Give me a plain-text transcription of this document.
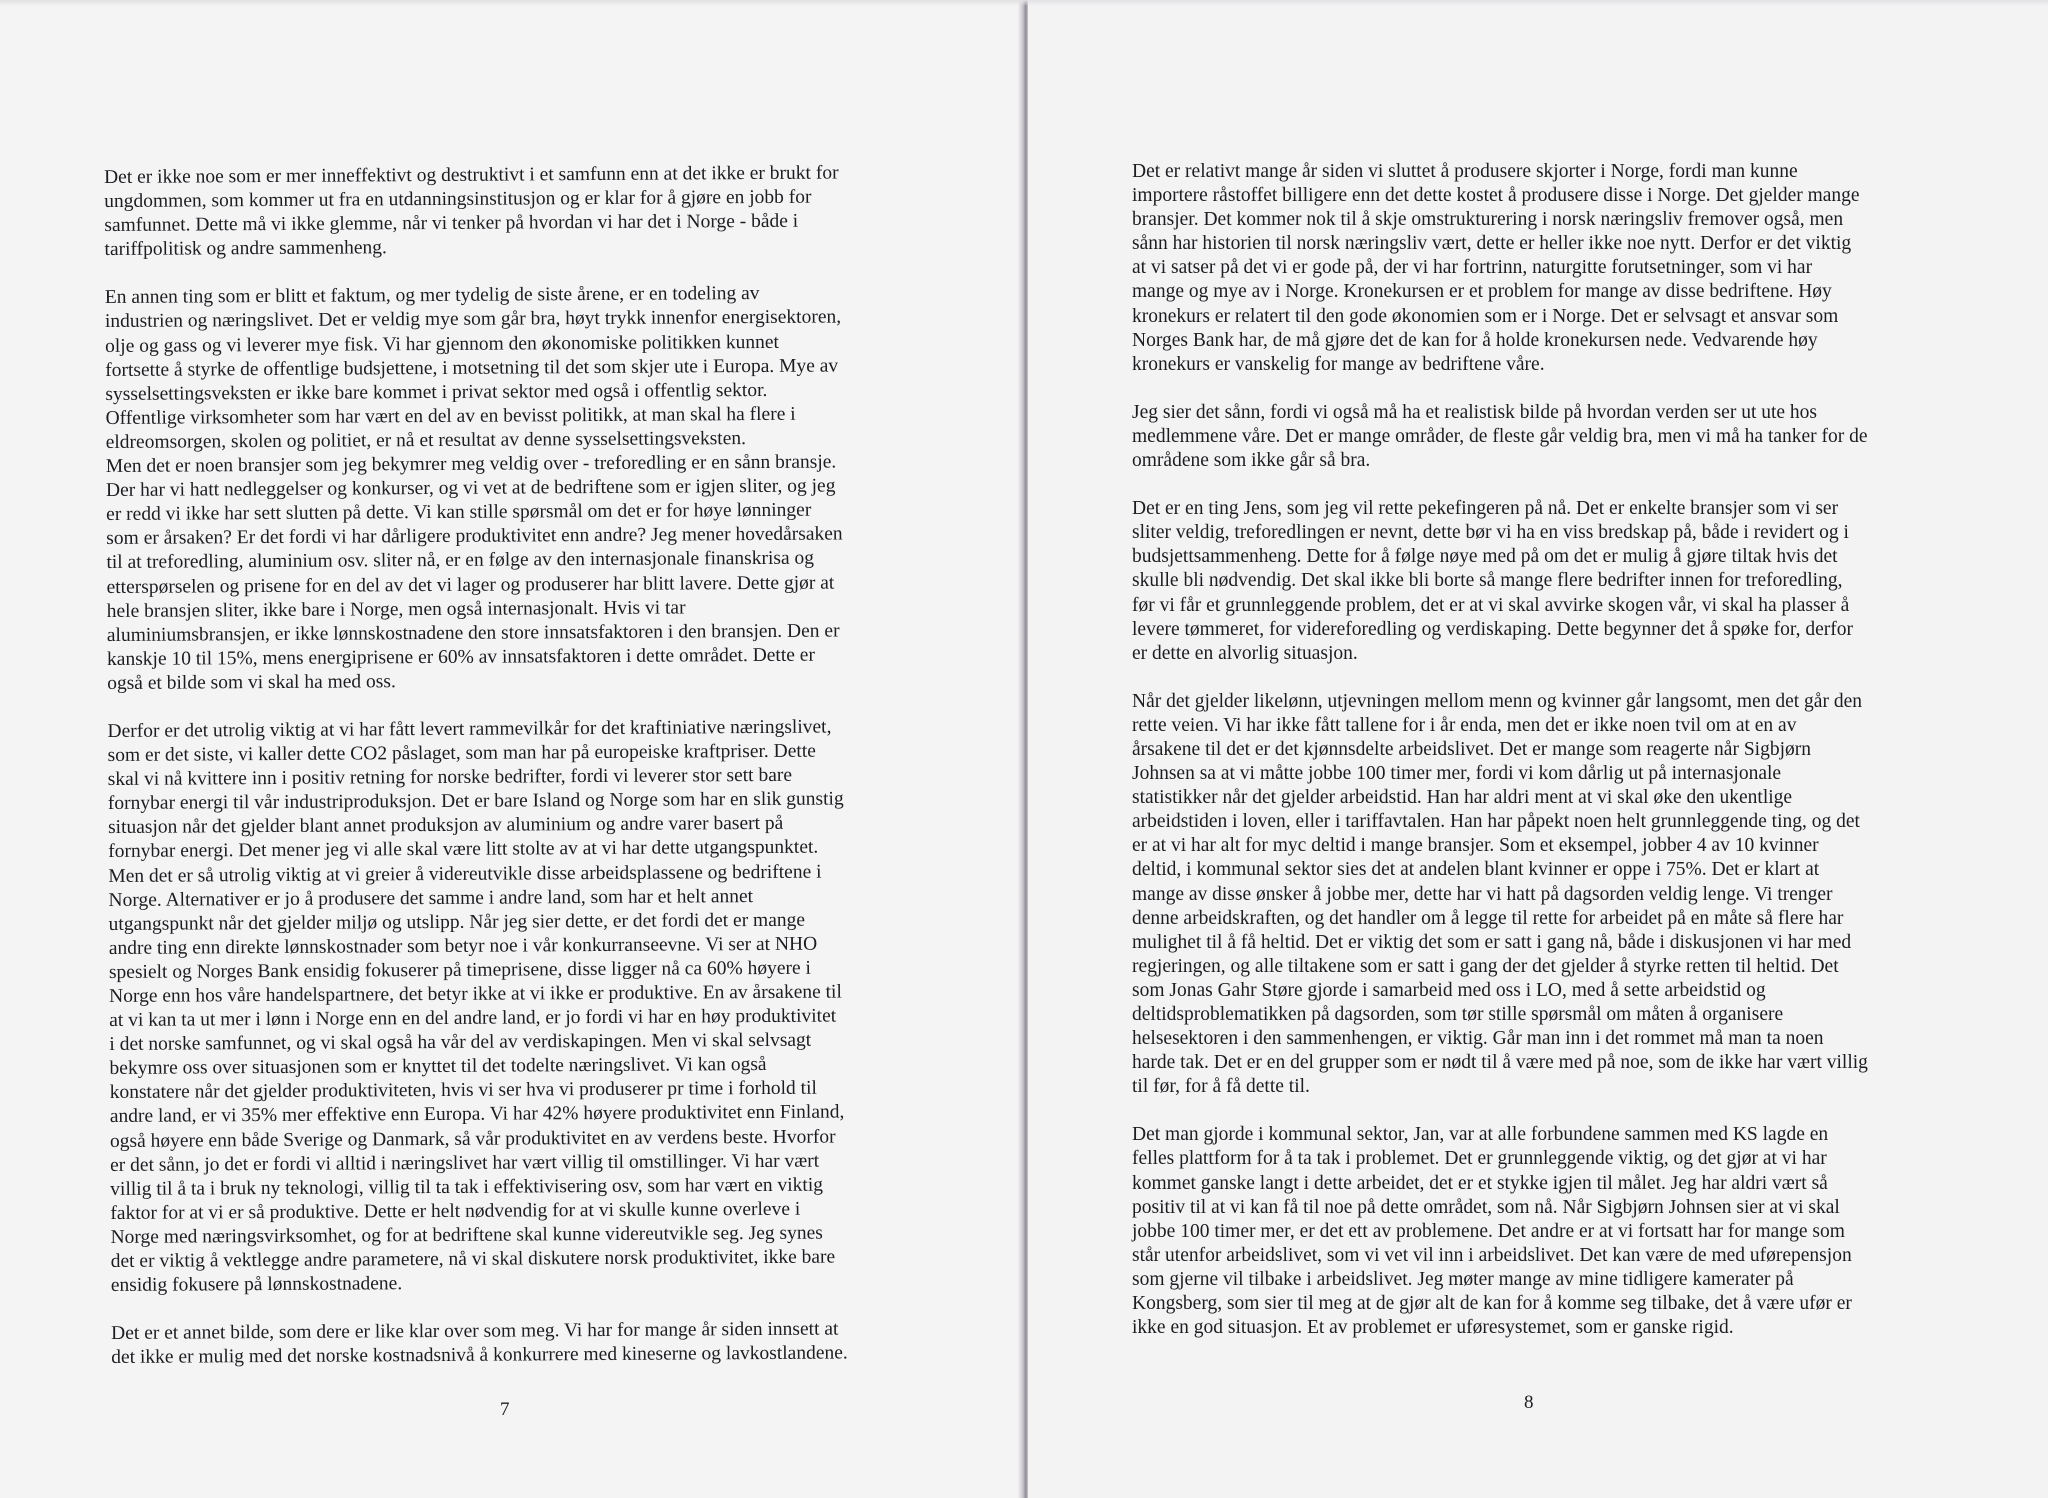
Det er ikke noe som er mer inneffektivt og destruktivt i et samfunn enn at det ikke er brukt for
ungdommen, som kommer ut fra en utdanningsinstitusjon og er klar for å gjøre en jobb for
samfunnet. Dette må vi ikke glemme, når vi tenker på hvordan vi har det i Norge - både i
tariffpolitisk og andre sammenheng.

En annen ting som er blitt et faktum, og mer tydelig de siste årene, er en todeling av
industrien og næringslivet. Det er veldig mye som går bra, høyt trykk innenfor energisektoren,
olje og gass og vi leverer mye fisk. Vi har gjennom den økonomiske politikken kunnet
fortsette å styrke de offentlige budsjettene, i motsetning til det som skjer ute i Europa. Mye av
sysselsettingsveksten er ikke bare kommet i privat sektor med også i offentlig sektor.
Offentlige virksomheter som har vært en del av en bevisst politikk, at man skal ha flere i
eldreomsorgen, skolen og politiet, er nå et resultat av denne sysselsettingsveksten.
Men det er noen bransjer som jeg bekymrer meg veldig over - treforedling er en sånn bransje.
Der har vi hatt nedleggelser og konkurser, og vi vet at de bedriftene som er igjen sliter, og jeg
er redd vi ikke har sett slutten på dette. Vi kan stille spørsmål om det er for høye lønninger
som er årsaken? Er det fordi vi har dårligere produktivitet enn andre? Jeg mener hovedårsaken
til at treforedling, aluminium osv. sliter nå, er en følge av den internasjonale finanskrisa og
etterspørselen og prisene for en del av det vi lager og produserer har blitt lavere. Dette gjør at
hele bransjen sliter, ikke bare i Norge, men også internasjonalt. Hvis vi tar
aluminiumsbransjen, er ikke lønnskostnadene den store innsatsfaktoren i den bransjen. Den er
kanskje 10 til 15%, mens energiprisene er 60% av innsatsfaktoren i dette området. Dette er
også et bilde som vi skal ha med oss.

Derfor er det utrolig viktig at vi har fått levert rammevilkår for det kraftiniative næringslivet,
som er det siste, vi kaller dette CO2 påslaget, som man har på europeiske kraftpriser. Dette
skal vi nå kvittere inn i positiv retning for norske bedrifter, fordi vi leverer stor sett bare
fornybar energi til vår industriproduksjon. Det er bare Island og Norge som har en slik gunstig
situasjon når det gjelder blant annet produksjon av aluminium og andre varer basert på
fornybar energi. Det mener jeg vi alle skal være litt stolte av at vi har dette utgangspunktet.
Men det er så utrolig viktig at vi greier å videreutvikle disse arbeidsplassene og bedriftene i
Norge. Alternativer er jo å produsere det samme i andre land, som har et helt annet
utgangspunkt når det gjelder miljø og utslipp. Når jeg sier dette, er det fordi det er mange
andre ting enn direkte lønnskostnader som betyr noe i vår konkurranseevne. Vi ser at NHO
spesielt og Norges Bank ensidig fokuserer på timeprisene, disse ligger nå ca 60% høyere i
Norge enn hos våre handelspartnere, det betyr ikke at vi ikke er produktive. En av årsakene til
at vi kan ta ut mer i lønn i Norge enn en del andre land, er jo fordi vi har en høy produktivitet
i det norske samfunnet, og vi skal også ha vår del av verdiskapingen. Men vi skal selvsagt
bekymre oss over situasjonen som er knyttet til det todelte næringslivet. Vi kan også
konstatere når det gjelder produktiviteten, hvis vi ser hva vi produserer pr time i forhold til
andre land, er vi 35% mer effektive enn Europa. Vi har 42% høyere produktivitet enn Finland,
også høyere enn både Sverige og Danmark, så vår produktivitet en av verdens beste. Hvorfor
er det sånn, jo det er fordi vi alltid i næringslivet har vært villig til omstillinger. Vi har vært
villig til å ta i bruk ny teknologi, villig til ta tak i effektivisering osv, som har vært en viktig
faktor for at vi er så produktive. Dette er helt nødvendig for at vi skulle kunne overleve i
Norge med næringsvirksomhet, og for at bedriftene skal kunne videreutvikle seg. Jeg synes
det er viktig å vektlegge andre parametere, nå vi skal diskutere norsk produktivitet, ikke bare
ensidig fokusere på lønnskostnadene.

Det er et annet bilde, som dere er like klar over som meg. Vi har for mange år siden innsett at
det ikke er mulig med det norske kostnadsnivå å konkurrere med kineserne og lavkostlandene.

7

Det er relativt mange år siden vi sluttet å produsere skjorter i Norge, fordi man kunne
importere råstoffet billigere enn det dette kostet å produsere disse i Norge. Det gjelder mange
bransjer. Det kommer nok til å skje omstrukturering i norsk næringsliv fremover også, men
sånn har historien til norsk næringsliv vært, dette er heller ikke noe nytt. Derfor er det viktig
at vi satser på det vi er gode på, der vi har fortrinn, naturgitte forutsetninger, som vi har
mange og mye av i Norge. Kronekursen er et problem for mange av disse bedriftene. Høy
kronekurs er relatert til den gode økonomien som er i Norge. Det er selvsagt et ansvar som
Norges Bank har, de må gjøre det de kan for å holde kronekursen nede. Vedvarende høy
kronekurs er vanskelig for mange av bedriftene våre.

Jeg sier det sånn, fordi vi også må ha et realistisk bilde på hvordan verden ser ut ute hos
medlemmene våre. Det er mange områder, de fleste går veldig bra, men vi må ha tanker for de
områdene som ikke går så bra.

Det er en ting Jens, som jeg vil rette pekefingeren på nå. Det er enkelte bransjer som vi ser
sliter veldig, treforedlingen er nevnt, dette bør vi ha en viss bredskap på, både i revidert og i
budsjettsammenheng. Dette for å følge nøye med på om det er mulig å gjøre tiltak hvis det
skulle bli nødvendig. Det skal ikke bli borte så mange flere bedrifter innen for treforedling,
før vi får et grunnleggende problem, det er at vi skal avvirke skogen vår, vi skal ha plasser å
levere tømmeret, for videreforedling og verdiskaping. Dette begynner det å spøke for, derfor
er dette en alvorlig situasjon.

Når det gjelder likelønn, utjevningen mellom menn og kvinner går langsomt, men det går den
rette veien. Vi har ikke fått tallene for i år enda, men det er ikke noen tvil om at en av
årsakene til det er det kjønnsdelte arbeidslivet. Det er mange som reagerte når Sigbjørn
Johnsen sa at vi måtte jobbe 100 timer mer, fordi vi kom dårlig ut på internasjonale
statistikker når det gjelder arbeidstid. Han har aldri ment at vi skal øke den ukentlige
arbeidstiden i loven, eller i tariffavtalen. Han har påpekt noen helt grunnleggende ting, og det
er at vi har alt for myc deltid i mange bransjer. Som et eksempel, jobber 4 av 10 kvinner
deltid, i kommunal sektor sies det at andelen blant kvinner er oppe i 75%. Det er klart at
mange av disse ønsker å jobbe mer, dette har vi hatt på dagsorden veldig lenge. Vi trenger
denne arbeidskraften, og det handler om å legge til rette for arbeidet på en måte så flere har
mulighet til å få heltid. Det er viktig det som er satt i gang nå, både i diskusjonen vi har med
regjeringen, og alle tiltakene som er satt i gang der det gjelder å styrke retten til heltid. Det
som Jonas Gahr Støre gjorde i samarbeid med oss i LO, med å sette arbeidstid og
deltidsproblematikken på dagsorden, som tør stille spørsmål om måten å organisere
helsesektoren i den sammenhengen, er viktig. Går man inn i det rommet må man ta noen
harde tak. Det er en del grupper som er nødt til å være med på noe, som de ikke har vært villig
til før, for å få dette til.

Det man gjorde i kommunal sektor, Jan, var at alle forbundene sammen med KS lagde en
felles plattform for å ta tak i problemet. Det er grunnleggende viktig, og det gjør at vi har
kommet ganske langt i dette arbeidet, det er et stykke igjen til målet. Jeg har aldri vært så
positiv til at vi kan få til noe på dette området, som nå. Når Sigbjørn Johnsen sier at vi skal
jobbe 100 timer mer, er det ett av problemene. Det andre er at vi fortsatt har for mange som
står utenfor arbeidslivet, som vi vet vil inn i arbeidslivet. Det kan være de med uførepensjon
som gjerne vil tilbake i arbeidslivet. Jeg møter mange av mine tidligere kamerater på
Kongsberg, som sier til meg at de gjør alt de kan for å komme seg tilbake, det å være ufør er
ikke en god situasjon. Et av problemet er uføresystemet, som er ganske rigid.

8
